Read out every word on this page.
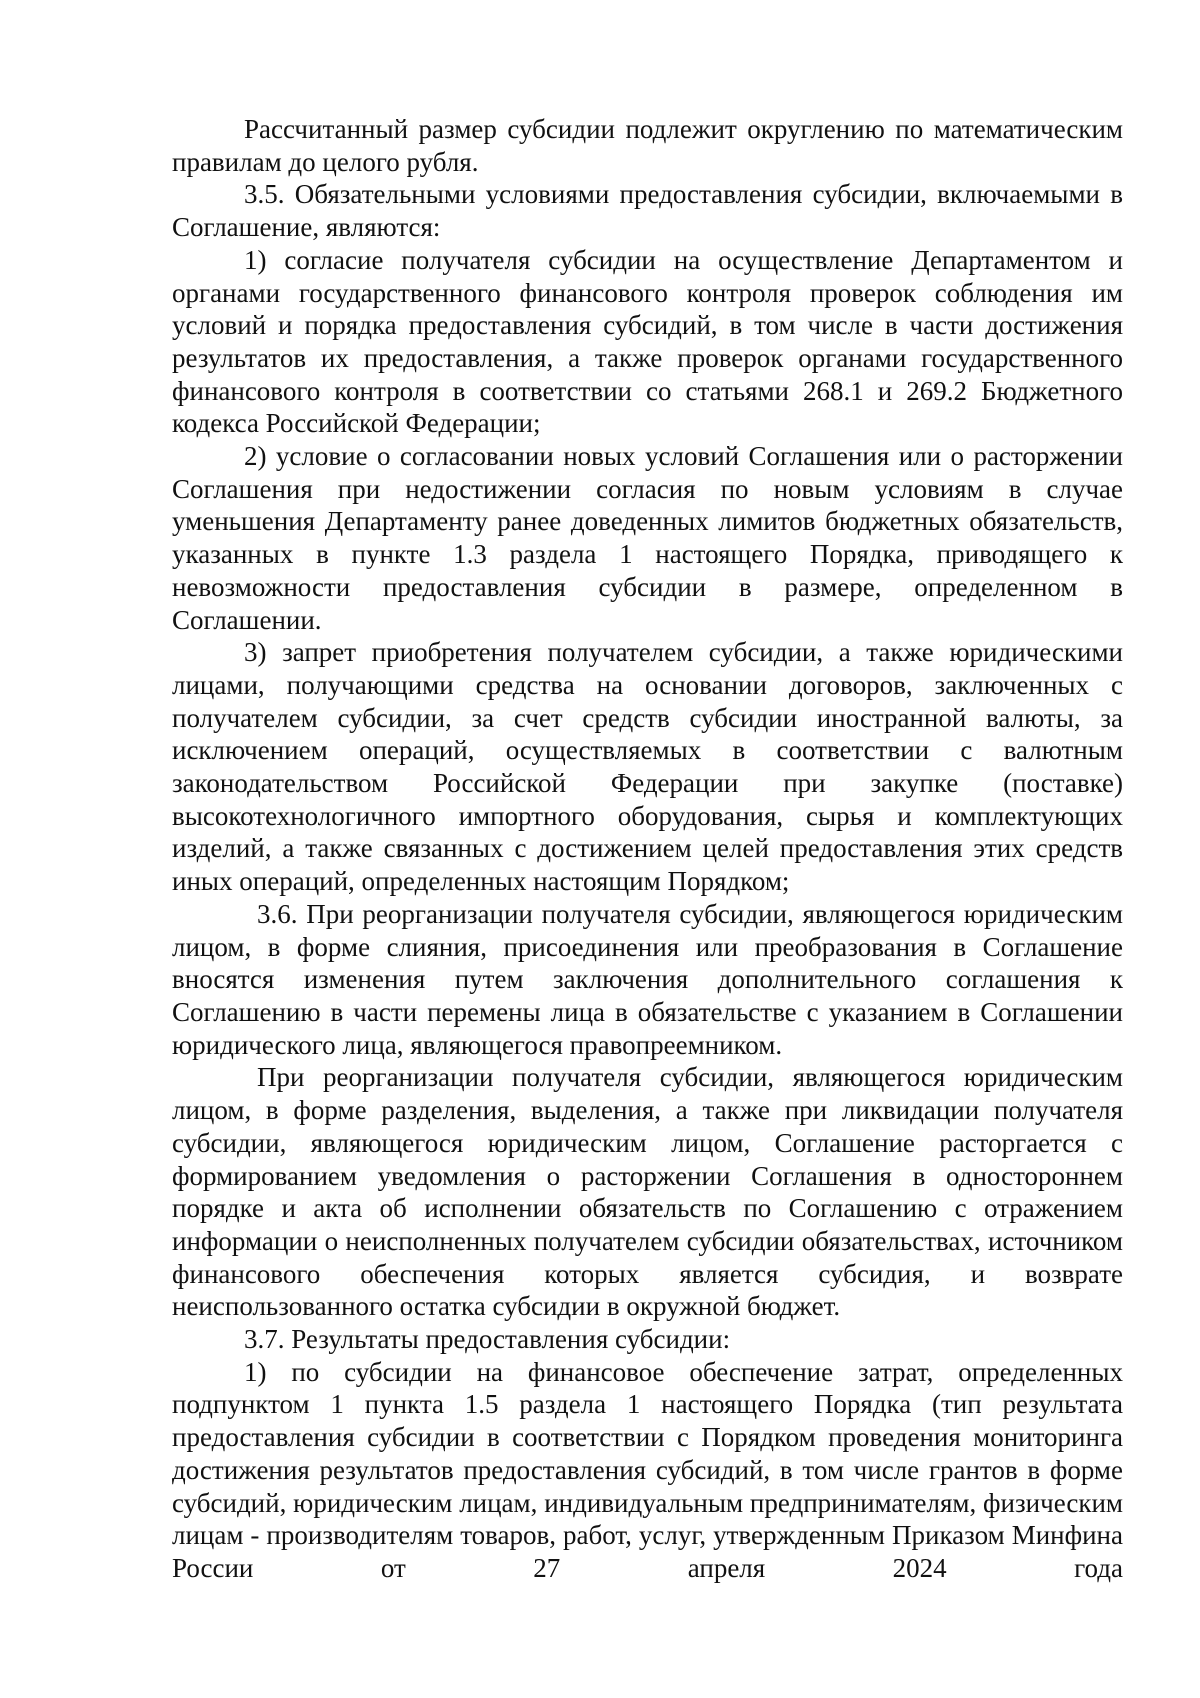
Рассчитанный размер субсидии подлежит округлению по математическим правилам до целого рубля.

3.5. Обязательными условиями предоставления субсидии, включаемыми в Соглашение, являются:

1) согласие получателя субсидии на осуществление Департаментом и органами государственного финансового контроля проверок соблюдения им условий и порядка предоставления субсидий, в том числе в части достижения результатов их предоставления, а также проверок органами государственного финансового контроля в соответствии со статьями 268.1 и 269.2 Бюджетного кодекса Российской Федерации;

2) условие о согласовании новых условий Соглашения или о расторжении Соглашения при недостижении согласия по новым условиям в случае уменьшения Департаменту ранее доведенных лимитов бюджетных обязательств, указанных в пункте 1.3 раздела 1 настоящего Порядка, приводящего к невозможности предоставления субсидии в размере, определенном в Соглашении.

3) запрет приобретения получателем субсидии, а также юридическими лицами, получающими средства на основании договоров, заключенных с получателем субсидии, за счет средств субсидии иностранной валюты, за исключением операций, осуществляемых в соответствии с валютным законодательством Российской Федерации при закупке (поставке) высокотехнологичного импортного оборудования, сырья и комплектующих изделий, а также связанных с достижением целей предоставления этих средств иных операций, определенных настоящим Порядком;

3.6. При реорганизации получателя субсидии, являющегося юридическим лицом, в форме слияния, присоединения или преобразования в Соглашение вносятся изменения путем заключения дополнительного соглашения к Соглашению в части перемены лица в обязательстве с указанием в Соглашении юридического лица, являющегося правопреемником.

При реорганизации получателя субсидии, являющегося юридическим лицом, в форме разделения, выделения, а также при ликвидации получателя субсидии, являющегося юридическим лицом, Соглашение расторгается с формированием уведомления о расторжении Соглашения в одностороннем порядке и акта об исполнении обязательств по Соглашению с отражением информации о неисполненных получателем субсидии обязательствах, источником финансового обеспечения которых является субсидия, и возврате неиспользованного остатка субсидии в окружной бюджет.

3.7. Результаты предоставления субсидии:

1) по субсидии на финансовое обеспечение затрат, определенных подпунктом 1 пункта 1.5 раздела 1 настоящего Порядка (тип результата предоставления субсидии в соответствии с Порядком проведения мониторинга достижения результатов предоставления субсидий, в том числе грантов в форме субсидий, юридическим лицам, индивидуальным предпринимателям, физическим лицам - производителям товаров, работ, услуг, утвержденным Приказом Минфина России от 27 апреля 2024 года
